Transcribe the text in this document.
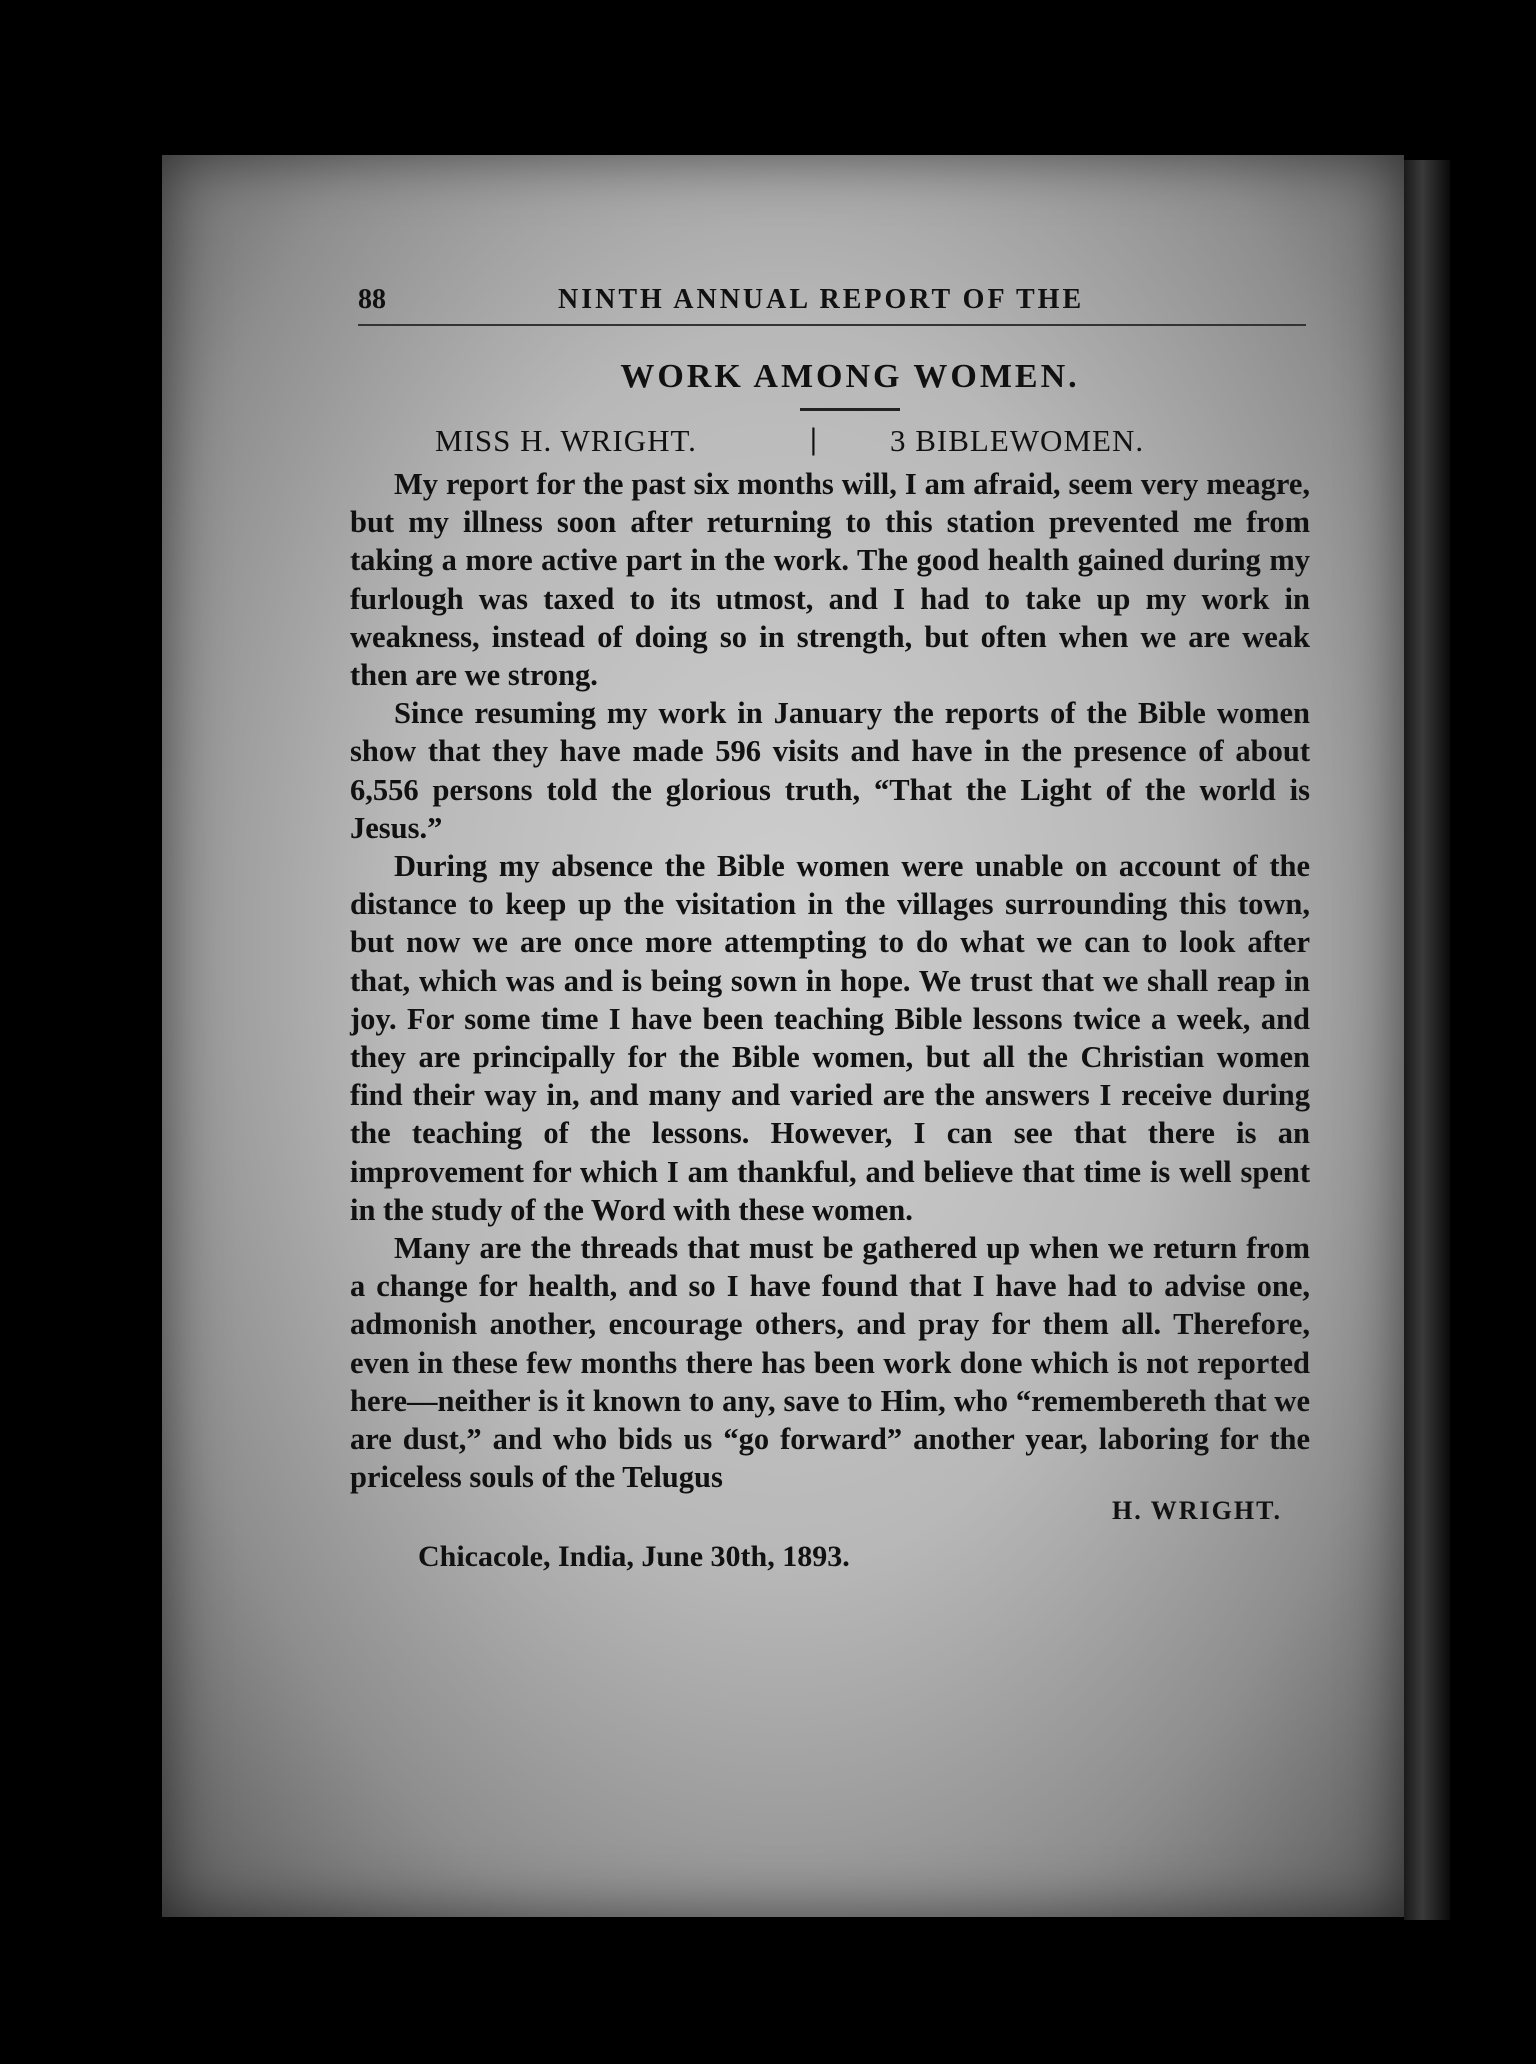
88	NINTH ANNUAL REPORT OF THE
WORK AMONG WOMEN.
MISS H. WRIGHT.	| 3 BIBLEWOMEN.

My report for the past six months will, I am afraid, seem very meagre, but my illness soon after returning to this station prevented me from taking a more active part in the work. The good health gained during my furlough was taxed to its utmost, and I had to take up my work in weakness, instead of doing so in strength, but often when we are weak then are we strong.

Since resuming my work in January the reports of the Bible women show that they have made 596 visits and have in the presence of about 6,556 persons told the glorious truth, “That the Light of the world is Jesus.”

During my absence the Bible women were unable on account of the distance to keep up the visitation in the villages surrounding this town, but now we are once more attempting to do what we can to look after that, which was and is being sown in hope. We trust that we shall reap in joy. For some time I have been teaching Bible lessons twice a week, and they are principally for the Bible women, but all the Christian women find their way in, and many and varied are the answers I receive during the teaching of the lessons. However, I can see that there is an improvement for which I am thankful, and believe that time is well spent in the study of the Word with these women.

Many are the threads that must be gathered up when we return from a change for health, and so I have found that I have had to advise one, admonish another, encourage others, and pray for them all. Therefore, even in these few months there has been work done which is not reported here—neither is it known to any, save to Him, who “remembereth that we are dust,” and who bids us “go forward” another year, laboring for the priceless souls of the Telugus

H. WRIGHT.
Chicacole, India, June 30th, 1893.
